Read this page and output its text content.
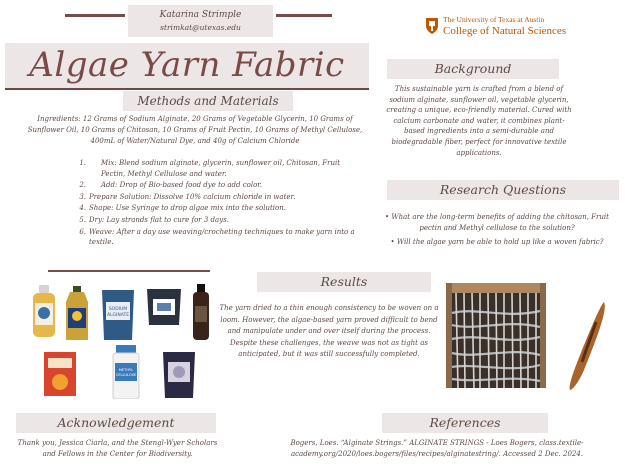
Katarina Strimple
strimkat@utexas.edu
The University of Texas at Austin
College of Natural Sciences
Algae Yarn Fabric
Methods and Materials
Ingredients: 12 Grams of Sodium Alginate, 20 Grams of Vegetable Glycerin, 10 Grams of Sunflower Oil, 10 Grams of Chitosan, 10 Grams of Fruit Pectin, 10 Grams of Methyl Cellulose, 400mL of Water/Natural Dye, and 40g of Calcium Chloride
1.	Mix: Blend sodium alginate, glycerin, sunflower oil, Chitosan, Fruit Pectin, Methyl Cellulose and water.
2.	Add: Drop of Bio-based food dye to add color.
3. Prepare Solution: Dissolve 10% calcium chloride in water.
4. Shape: Use Syringe to drop algae mix into the solution.
5. Dry: Lay strands flat to cure for 3 days.
6. Weave: After a day use weaving/crocheting techniques to make yarn into a textile.
Background
This sustainable yarn is crafted from a blend of sodium alginate, sunflower oil, vegetable glycerin, creating a unique, eco-friendly material. Cured with calcium carbonate and water, it combines plant-based ingredients into a semi-durable and biodegradable fiber, perfect for innovative textile applications.
Research Questions
• What are the long-term benefits of adding the chitosan, Fruit pectin and Methyl cellulose to the solution?
• Will the algae yarn be able to hold up like a woven fabric?
Results
The yarn dried to a thin enough consistency to be woven on a loom. However, the algae-based yarn proved difficult to bend and manipulate under and over itself during the process. Despite these challenges, the weave was not as tight as anticipated, but it was still successfully completed.
Acknowledgement
Thank you, Jessica Ciarla, and the Stengl-Wyer Scholars and Fellows in the Center for Biodiversity.
References
Bogers, Loes. “Alginate Strings.” ALGINATE STRINGS - Loes Bogers, class.textile-academy.org/2020/loes.bogers/files/recipes/alginatestring/. Accessed 2 Dec. 2024.
SODIUM
ALGINATE
METHYL
CELLULOSE
